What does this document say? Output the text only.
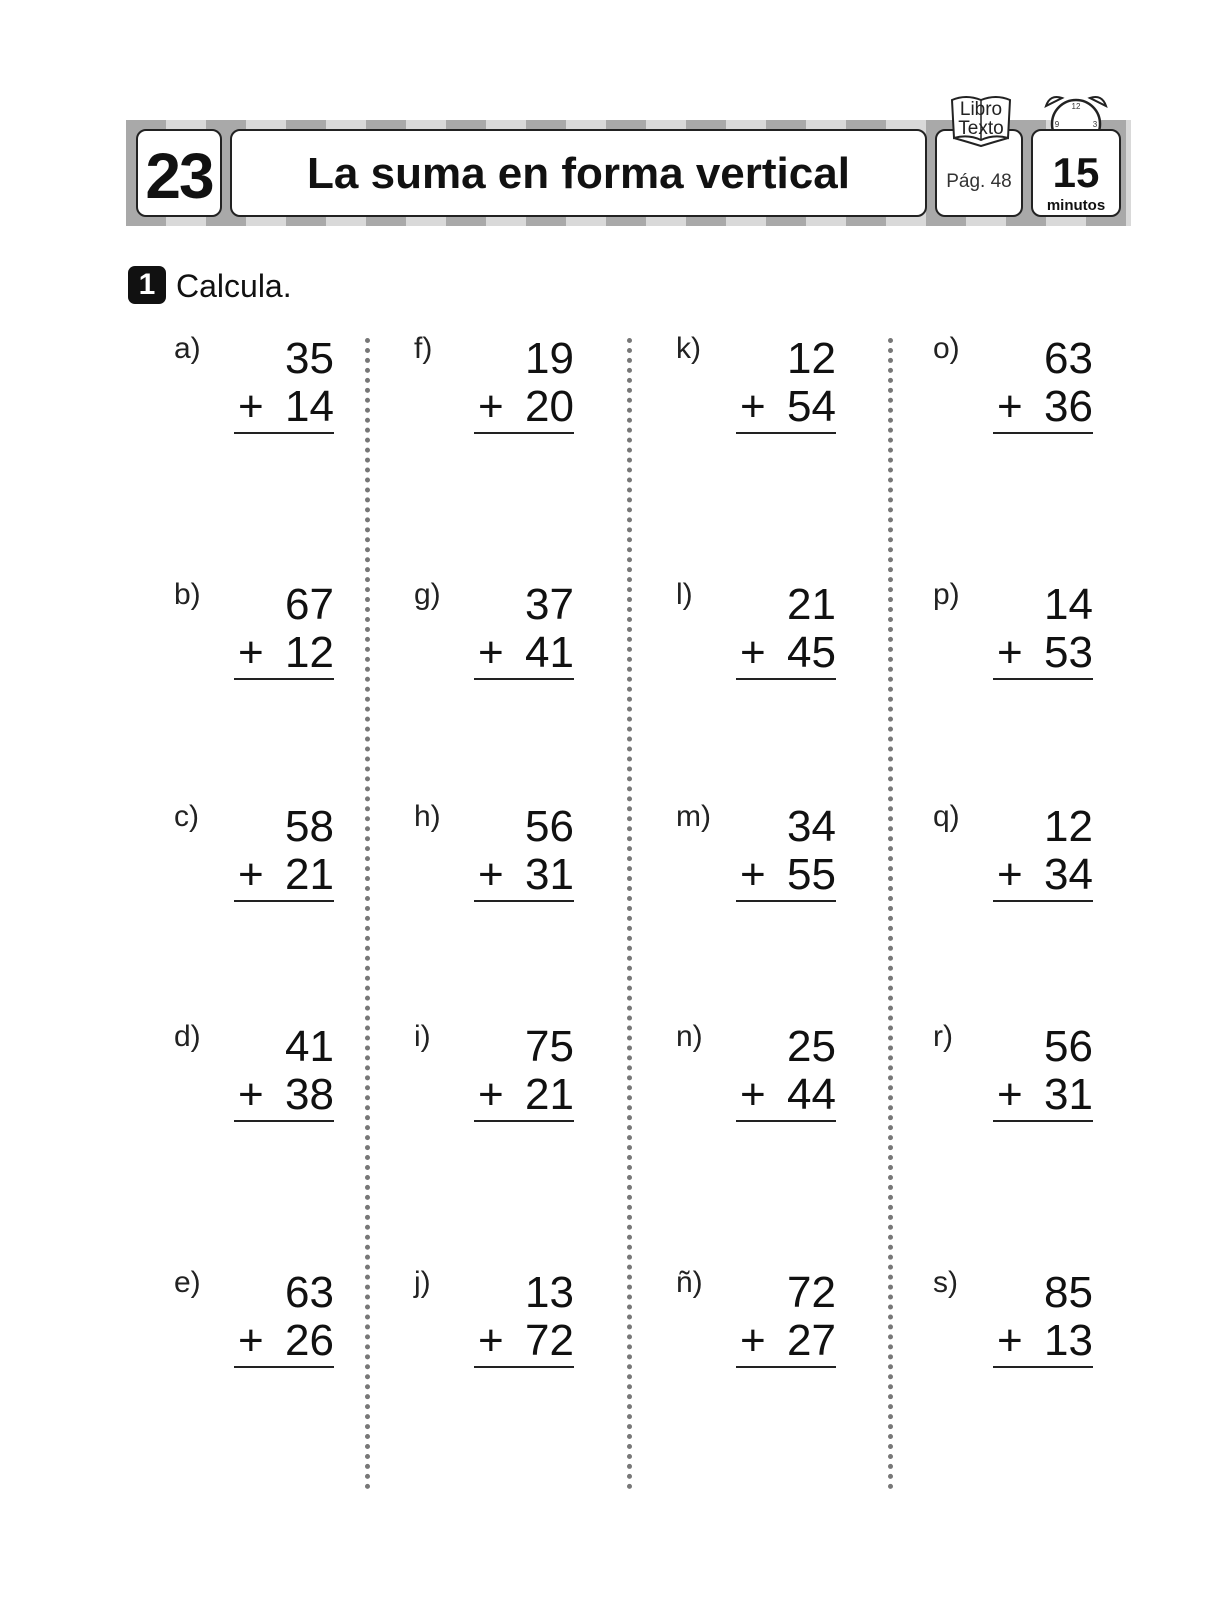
23	La suma en forma vertical	Pág. 48
Libro
Texto
12
3
9
15
minutos
1 Calcula.
a)	35
+ 14
b)	67
+ 12
c)	58
+ 21
d)	41
+ 38
e)	63
+ 26
f)	19
+ 20
g)	37
+ 41
h)	56
+ 31
i)	75
+ 21
j)	13
+ 72
k)	12
+ 54
l)	21
+ 45
m)	34
+ 55
n)	25
+ 44
ñ)	72
+ 27
o)	63
+ 36
p)	14
+ 53
q)	12
+ 34
r)	56
+ 31
s)	85
+ 13
